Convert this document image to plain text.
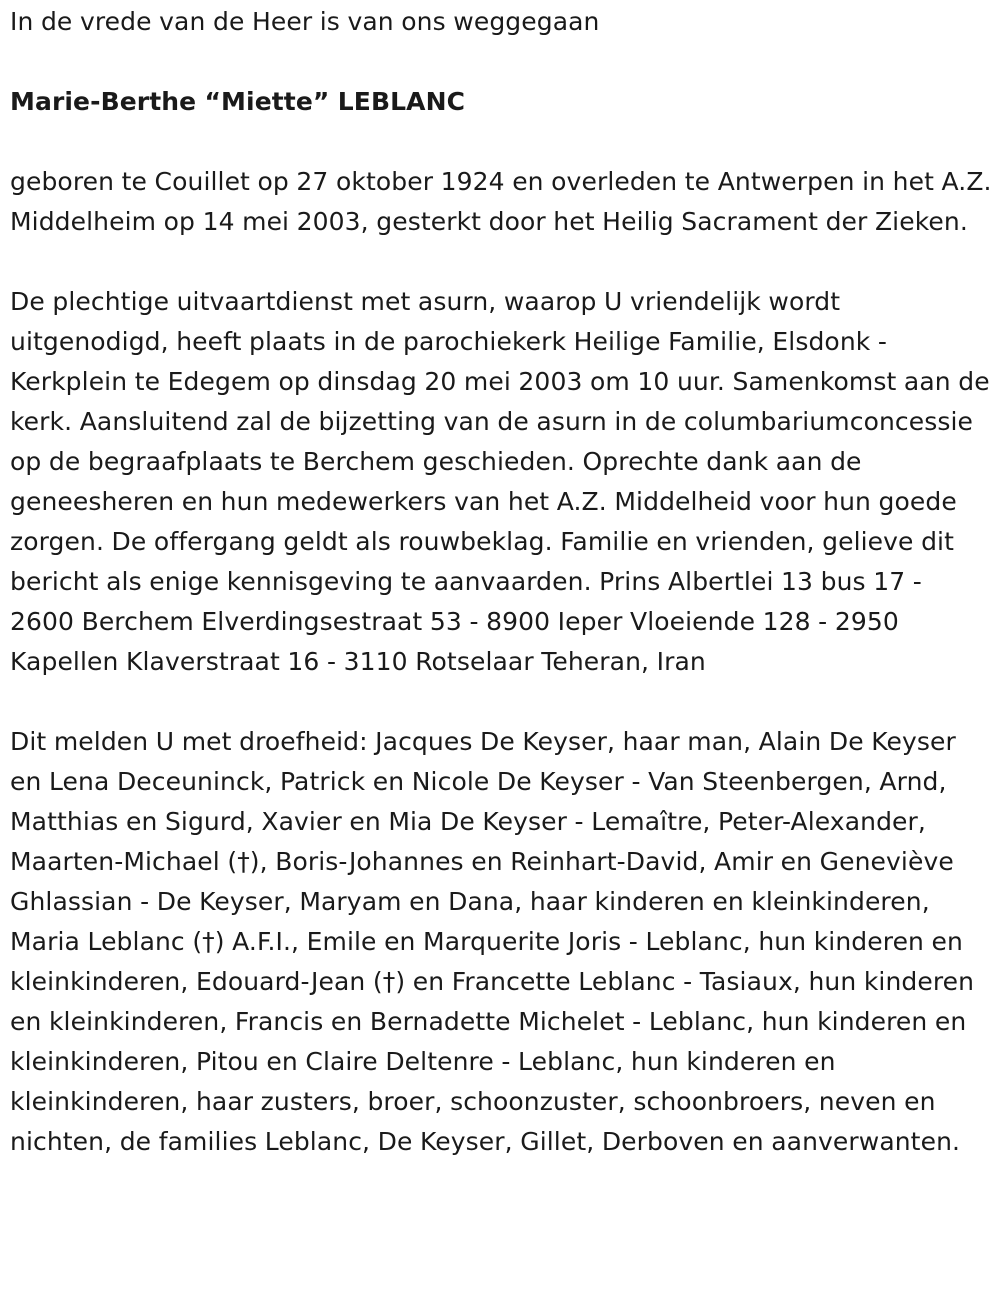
In de vrede van de Heer is van ons weggegaan

Marie-Berthe “Miette” LEBLANC

geboren te Couillet op 27 oktober 1924 en overleden te Antwerpen in het A.Z. Middelheim op 14 mei 2003, gesterkt door het Heilig Sacrament der Zieken.

De plechtige uitvaartdienst met asurn, waarop U vriendelijk wordt uitgenodigd, heeft plaats in de parochiekerk Heilige Familie, Elsdonk - Kerkplein te Edegem op dinsdag 20 mei 2003 om 10 uur. Samenkomst aan de kerk. Aansluitend zal de bijzetting van de asurn in de columbariumconcessie op de begraafplaats te Berchem geschieden. Oprechte dank aan de geneesheren en hun medewerkers van het A.Z. Middelheid voor hun goede zorgen. De offergang geldt als rouwbeklag. Familie en vrienden, gelieve dit bericht als enige kennisgeving te aanvaarden. Prins Albertlei 13 bus 17 - 2600 Berchem Elverdingsestraat 53 - 8900 Ieper Vloeiende 128 - 2950 Kapellen Klaverstraat 16 - 3110 Rotselaar Teheran, Iran

Dit melden U met droefheid: Jacques De Keyser, haar man, Alain De Keyser en Lena Deceuninck, Patrick en Nicole De Keyser - Van Steenbergen, Arnd, Matthias en Sigurd, Xavier en Mia De Keyser - Lemaître, Peter-Alexander, Maarten-Michael (†), Boris-Johannes en Reinhart-David, Amir en Geneviève Ghlassian - De Keyser, Maryam en Dana, haar kinderen en kleinkinderen, Maria Leblanc (†) A.F.I., Emile en Marquerite Joris - Leblanc, hun kinderen en kleinkinderen, Edouard-Jean (†) en Francette Leblanc - Tasiaux, hun kinderen en kleinkinderen, Francis en Bernadette Michelet - Leblanc, hun kinderen en kleinkinderen, Pitou en Claire Deltenre - Leblanc, hun kinderen en kleinkinderen, haar zusters, broer, schoonzuster, schoonbroers, neven en nichten, de families Leblanc, De Keyser, Gillet, Derboven en aanverwanten.
